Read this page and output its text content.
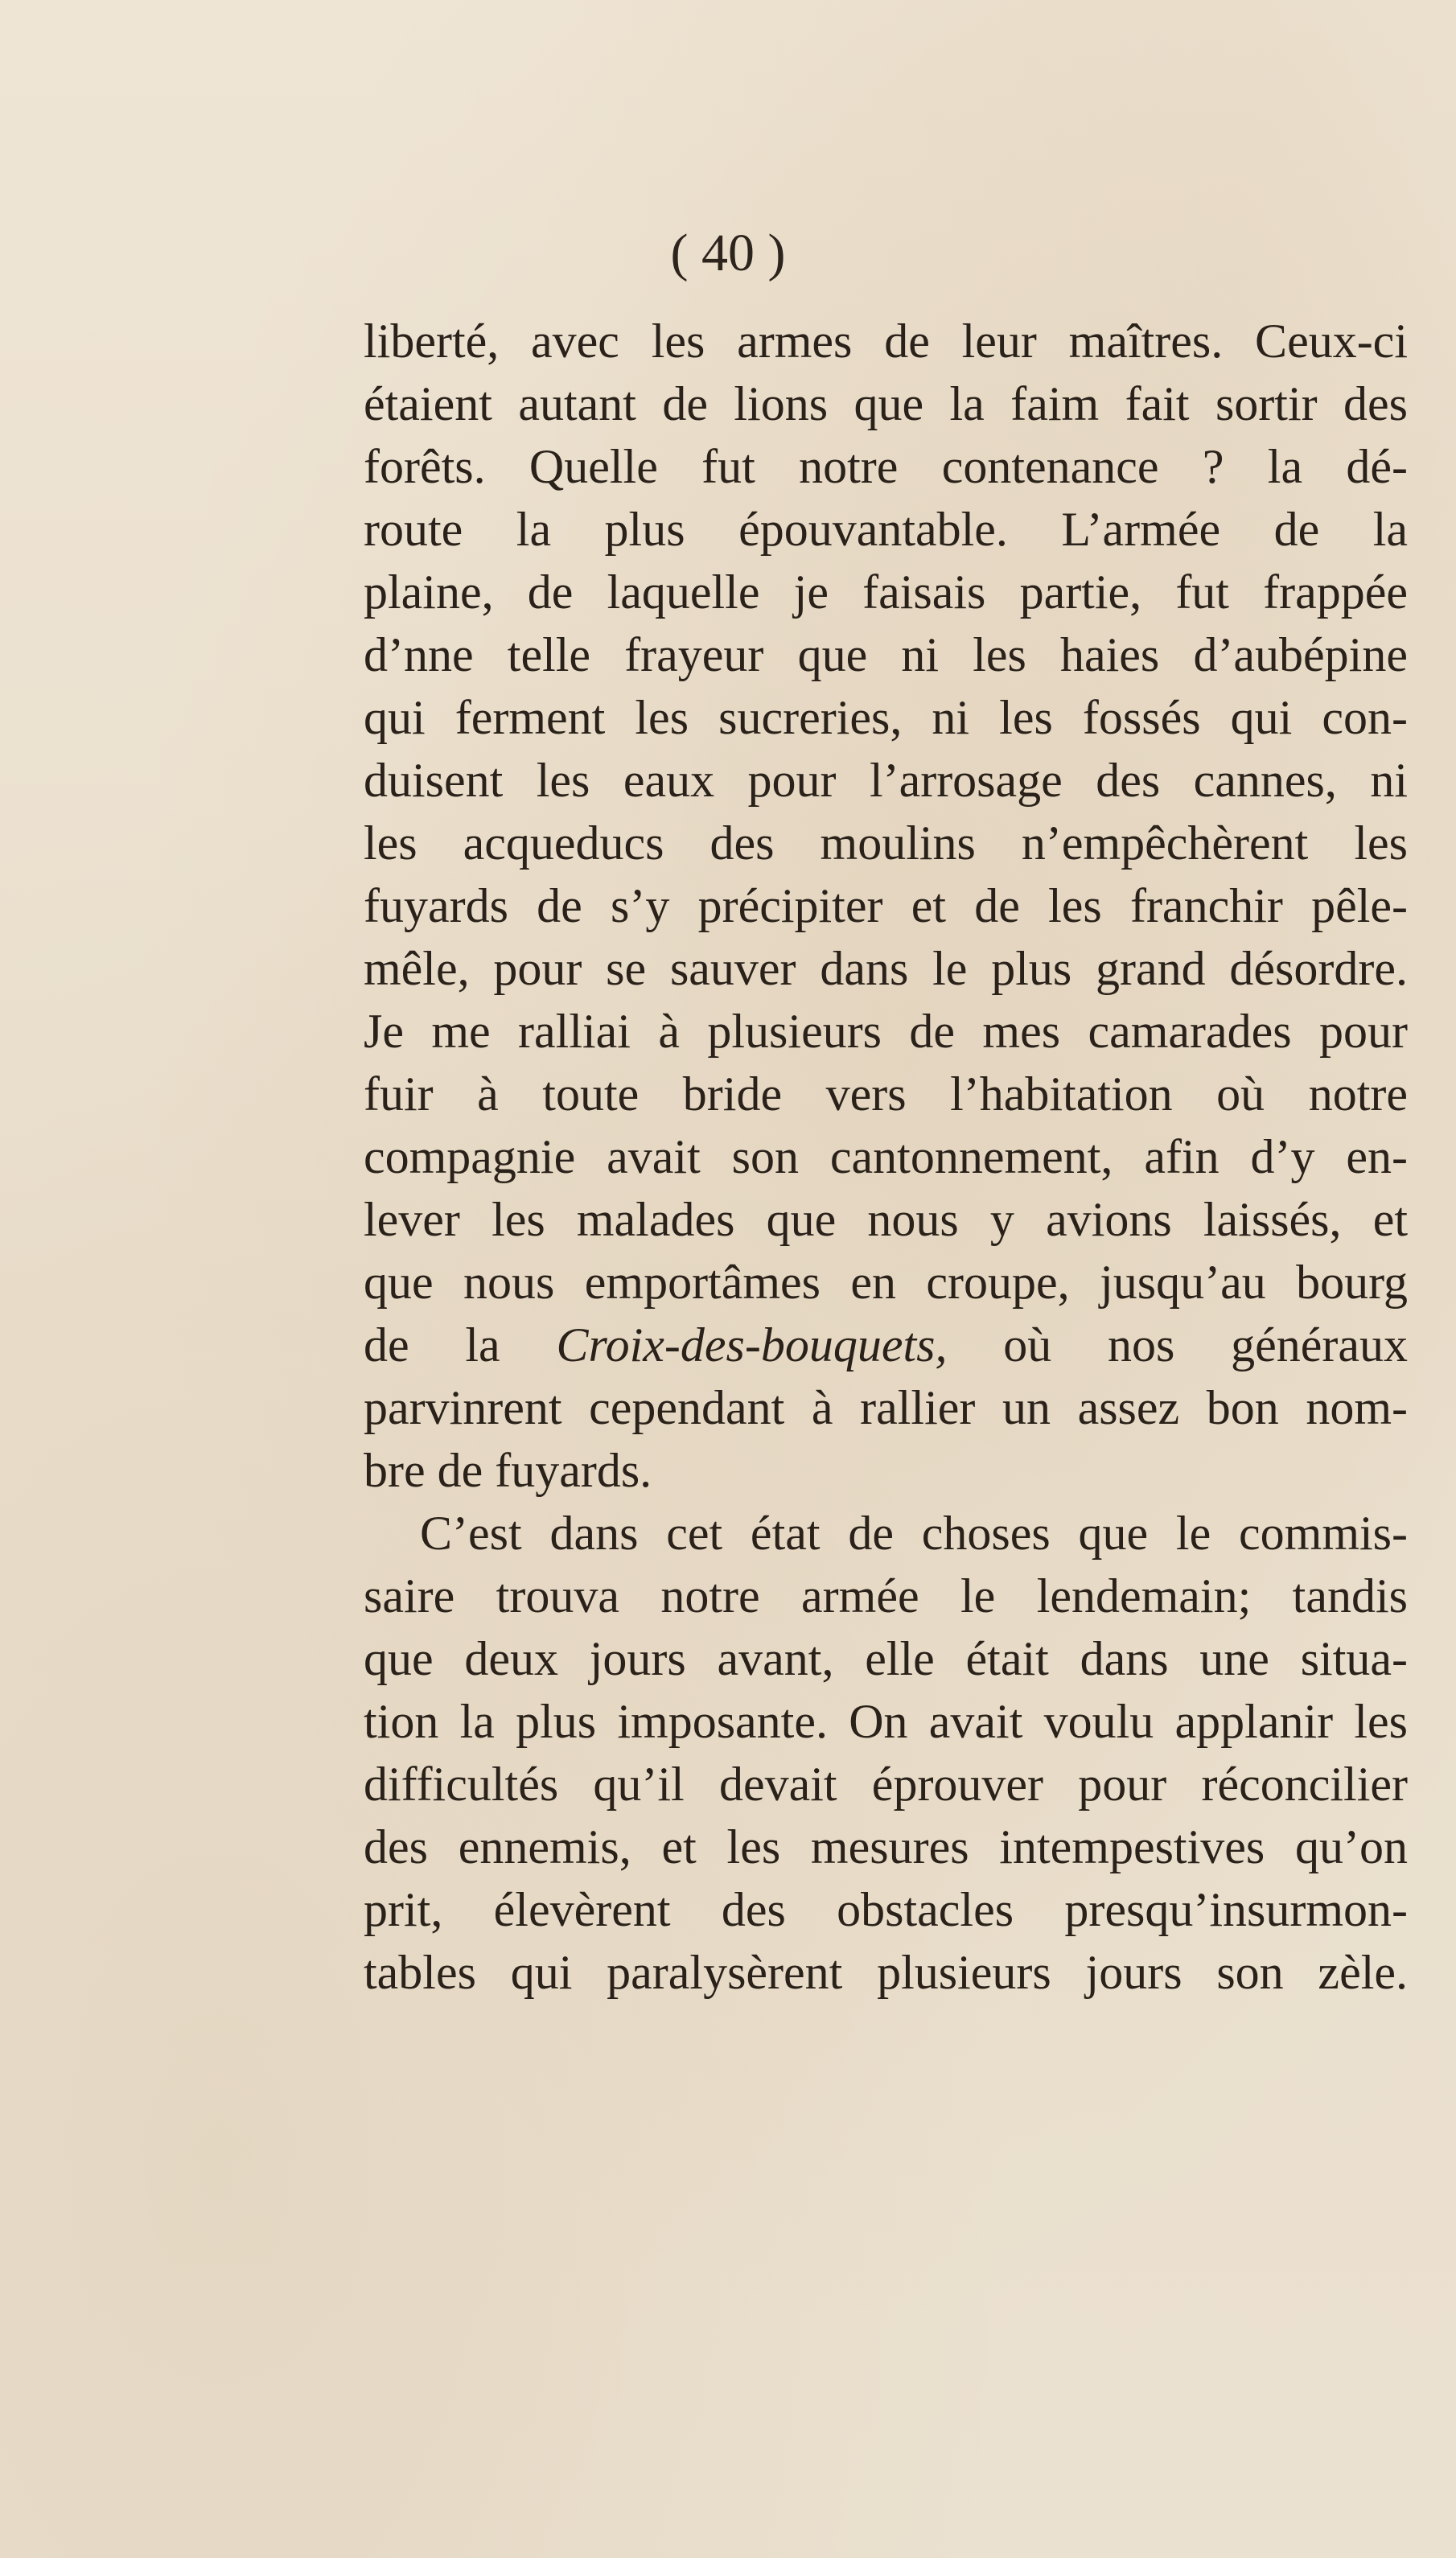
( 40 )
liberté, avec les armes de leur maîtres. Ceux-ci
étaient autant de lions que la faim fait sortir des
forêts. Quelle fut notre contenance ? la dé-
route la plus épouvantable. L’armée de la
plaine, de laquelle je faisais partie, fut frappée
d’nne telle frayeur que ni les haies d’aubépine
qui ferment les sucreries, ni les fossés qui con-
duisent les eaux pour l’arrosage des cannes, ni
les acqueducs des moulins n’empêchèrent les
fuyards de s’y précipiter et de les franchir pêle-
mêle, pour se sauver dans le plus grand désordre.
Je me ralliai à plusieurs de mes camarades pour
fuir à toute bride vers l’habitation où notre
compagnie avait son cantonnement, afin d’y en-
lever les malades que nous y avions laissés, et
que nous emportâmes en croupe, jusqu’au bourg
de la Croix-des-bouquets, où nos généraux
parvinrent cependant à rallier un assez bon nom-
bre de fuyards.
C’est dans cet état de choses que le commis-
saire trouva notre armée le lendemain; tandis
que deux jours avant, elle était dans une situa-
tion la plus imposante. On avait voulu applanir les
difficultés qu’il devait éprouver pour réconcilier
des ennemis, et les mesures intempestives qu’on
prit, élevèrent des obstacles presqu’insurmon-
tables qui paralysèrent plusieurs jours son zèle.
